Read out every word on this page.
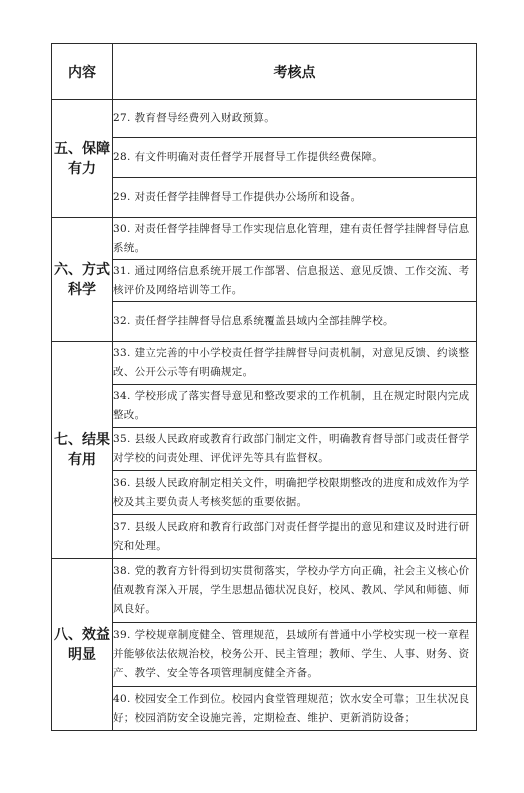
内容	考核点

五、保障
有力	27. 教育督导经费列入财政预算。
	28. 有文件明确对责任督学开展督导工作提供经费保障。
	29. 对责任督学挂牌督导工作提供办公场所和设备。

六、方式
科学	30. 对责任督学挂牌督导工作实现信息化管理，建有责任督学挂牌督导信息系统。
	31. 通过网络信息系统开展工作部署、信息报送、意见反馈、工作交流、考核评价及网络培训等工作。
	32. 责任督学挂牌督导信息系统覆盖县域内全部挂牌学校。

七、结果
有用	33. 建立完善的中小学校责任督学挂牌督导问责机制，对意见反馈、约谈整改、公开公示等有明确规定。
	34. 学校形成了落实督导意见和整改要求的工作机制，且在规定时限内完成整改。
	35. 县级人民政府或教育行政部门制定文件，明确教育督导部门或责任督学对学校的问责处理、评优评先等具有监督权。
	36. 县级人民政府制定相关文件，明确把学校限期整改的进度和成效作为学校及其主要负责人考核奖惩的重要依据。
	37. 县级人民政府和教育行政部门对责任督学提出的意见和建议及时进行研究和处理。

八、效益
明显	38. 党的教育方针得到切实贯彻落实，学校办学方向正确，社会主义核心价值观教育深入开展，学生思想品德状况良好，校风、教风、学风和师德、师风良好。
	39. 学校规章制度健全、管理规范，县域所有普通中小学校实现一校一章程并能够依法依规治校，校务公开、民主管理；教师、学生、人事、财务、资产、教学、安全等各项管理制度健全齐备。
	40. 校园安全工作到位。校园内食堂管理规范；饮水安全可靠；卫生状况良好；校园消防安全设施完善，定期检查、维护、更新消防设备；
